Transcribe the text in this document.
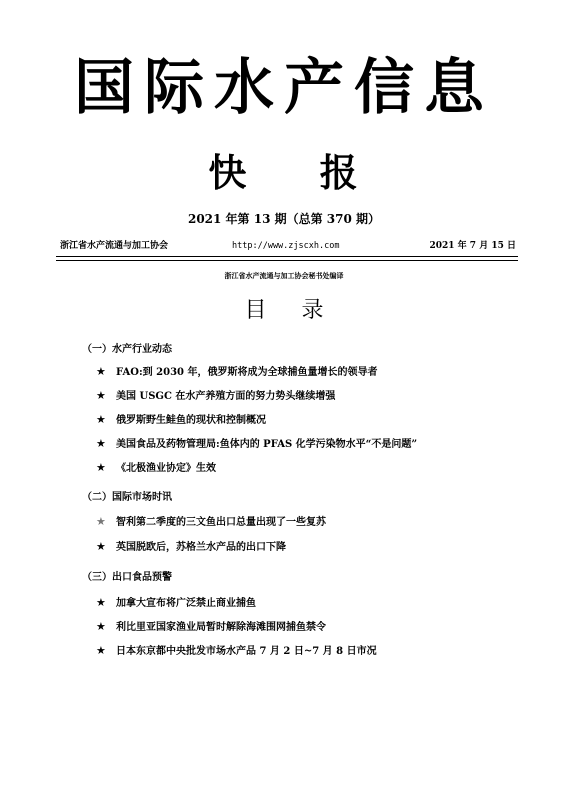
国际水产信息
快 报
2021 年第 13 期（总第 370 期）
浙江省水产流通与加工协会	http://www.zjscxh.com	2021 年 7 月 15 日
浙江省水产流通与加工协会秘书处编译
目 录
（一）水产行业动态
★ FAO:到 2030 年，俄罗斯将成为全球捕鱼量增长的领导者
★ 美国 USGC 在水产养殖方面的努力势头继续增强
★ 俄罗斯野生鲑鱼的现状和控制概况
★ 美国食品及药物管理局:鱼体内的 PFAS 化学污染物水平“不是问题”
★ 《北极渔业协定》生效
（二）国际市场时讯
★ 智利第二季度的三文鱼出口总量出现了一些复苏
★ 英国脱欧后，苏格兰水产品的出口下降
（三）出口食品预警
★ 加拿大宣布将广泛禁止商业捕鱼
★ 利比里亚国家渔业局暂时解除海滩围网捕鱼禁令
★ 日本东京都中央批发市场水产品 7 月 2 日~7 月 8 日市况
